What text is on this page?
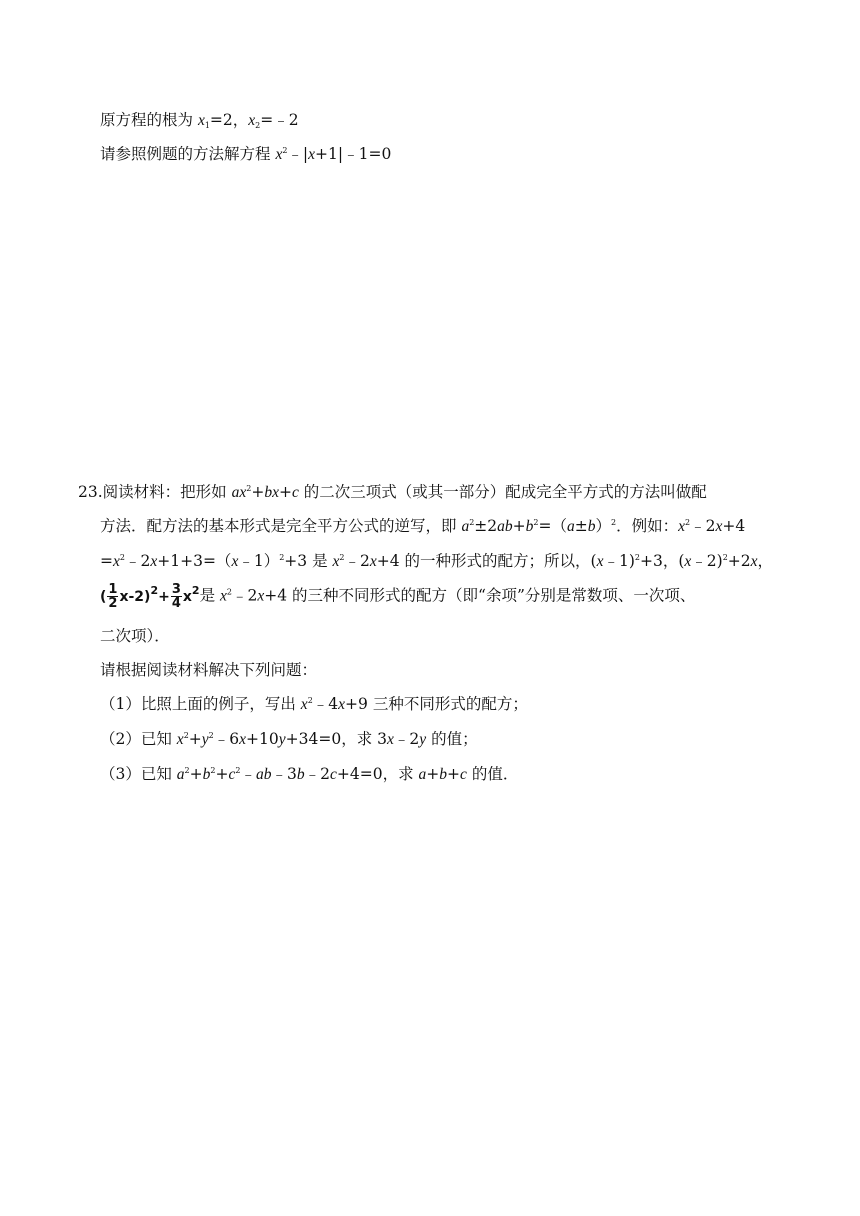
原方程的根为 $x_1=2$，$x_2=﹣2$
请参照例题的方法解方程 $x^2﹣|x+1|﹣1=0$
23.阅读材料：把形如 $ax^2+bx+c$ 的二次三项式（或其一部分）配成完全平方式的方法叫做配
方法．配方法的基本形式是完全平方公式的逆写，即 $a^2\pm 2ab+b^2=(a\pm b)^2$．例如：$x^2﹣2x+4$
$=x^2﹣2x+1+3=(x﹣1)^2+3$ 是 $x^2﹣2x+4$ 的一种形式的配方；所以，(x﹣1)$^2$+3，(x﹣2)$^2$+2x，
( $\frac{1}{2} x-2)^2+ \frac{3}{4} x^2$是 $x^2﹣2x+4$ 的三种不同形式的配方（即“余项”分别是常数项、一次项、
二次项）．
请根据阅读材料解决下列问题：
（1）比照上面的例子，写出 $x^2﹣4x+9$ 三种不同形式的配方；
（2）已知 $x^2+y^2﹣6x+10y+34=0$，求 3x﹣2y 的值；
（3）已知 $a^2+b^2+c^2﹣ab﹣3b﹣2c+4=0$，求 a+b+c 的值．
